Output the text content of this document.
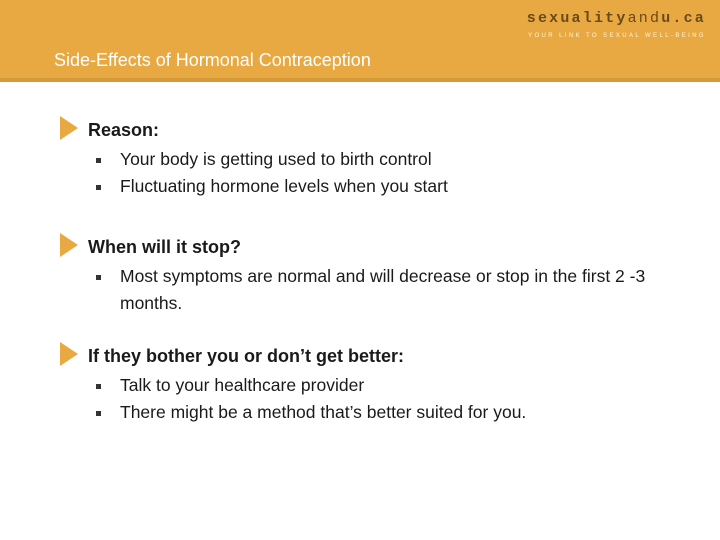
sexualityandu.ca
YOUR LINK TO SEXUAL WELL-BEING
Side-Effects of Hormonal Contraception
Reason:
Your body is getting used to birth control
Fluctuating hormone levels when you start
When will it stop?
Most symptoms are normal and will decrease or stop in the first 2 -3 months.
If they bother you or don’t get better:
Talk to your healthcare provider
There might be a method that’s better suited for you.
